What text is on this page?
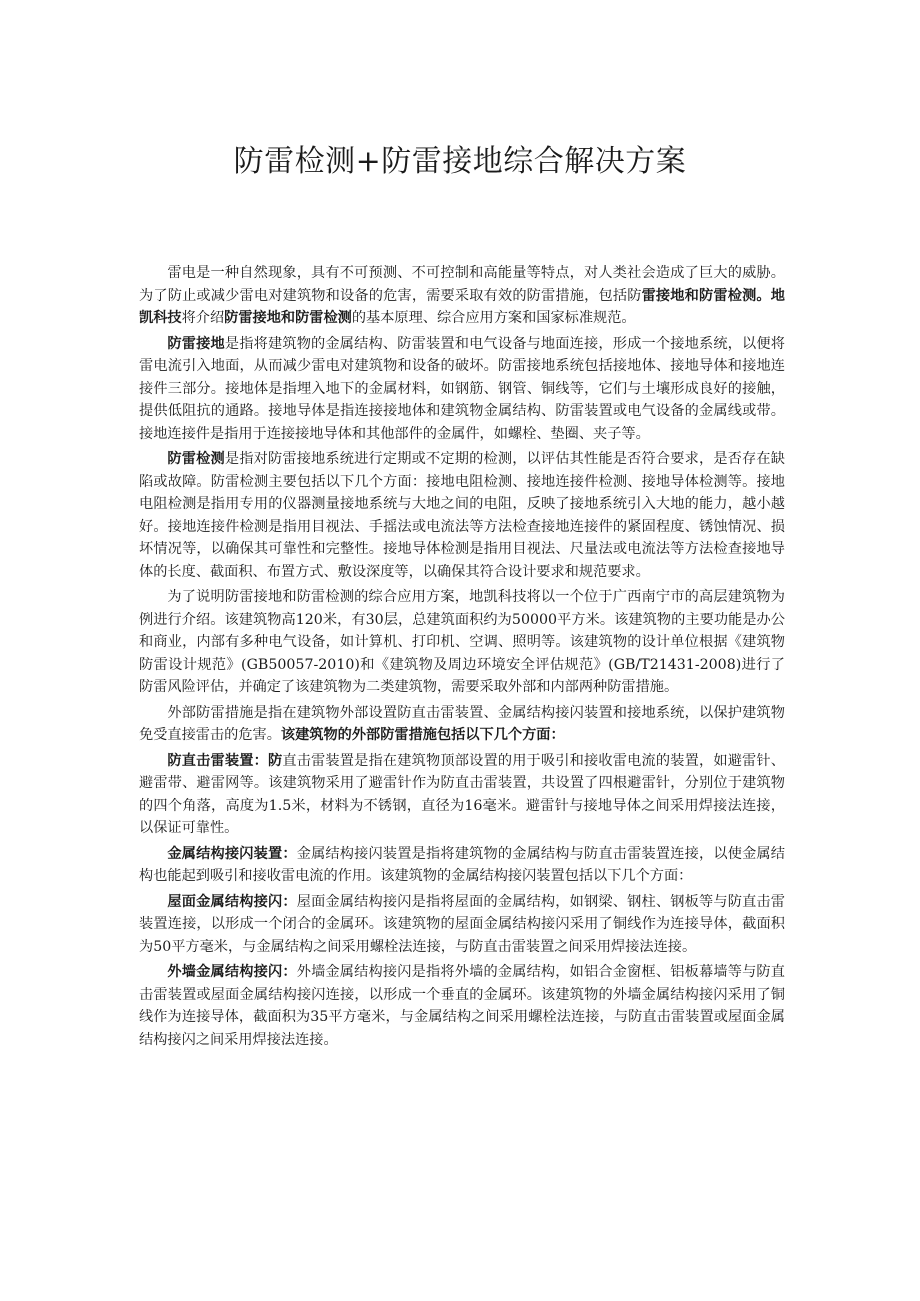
防雷检测+防雷接地综合解决方案

雷电是一种自然现象，具有不可预测、不可控制和高能量等特点，对人类社会造成了巨大的威胁。为了防止或减少雷电对建筑物和设备的危害，需要采取有效的防雷措施，包括防雷接地和防雷检测。地凯科技将介绍防雷接地和防雷检测的基本原理、综合应用方案和国家标准规范。

防雷接地是指将建筑物的金属结构、防雷装置和电气设备与地面连接，形成一个接地系统，以便将雷电流引入地面，从而减少雷电对建筑物和设备的破坏。防雷接地系统包括接地体、接地导体和接地连接件三部分。接地体是指埋入地下的金属材料，如钢筋、钢管、铜线等，它们与土壤形成良好的接触，提供低阻抗的通路。接地导体是指连接接地体和建筑物金属结构、防雷装置或电气设备的金属线或带。接地连接件是指用于连接接地导体和其他部件的金属件，如螺栓、垫圈、夹子等。

防雷检测是指对防雷接地系统进行定期或不定期的检测，以评估其性能是否符合要求，是否存在缺陷或故障。防雷检测主要包括以下几个方面：接地电阻检测、接地连接件检测、接地导体检测等。接地电阻检测是指用专用的仪器测量接地系统与大地之间的电阻，反映了接地系统引入大地的能力，越小越好。接地连接件检测是指用目视法、手摇法或电流法等方法检查接地连接件的紧固程度、锈蚀情况、损坏情况等，以确保其可靠性和完整性。接地导体检测是指用目视法、尺量法或电流法等方法检查接地导体的长度、截面积、布置方式、敷设深度等，以确保其符合设计要求和规范要求。

为了说明防雷接地和防雷检测的综合应用方案，地凯科技将以一个位于广西南宁市的高层建筑物为例进行介绍。该建筑物高120米，有30层，总建筑面积约为50000平方米。该建筑物的主要功能是办公和商业，内部有多种电气设备，如计算机、打印机、空调、照明等。该建筑物的设计单位根据《建筑物防雷设计规范》(GB50057-2010)和《建筑物及周边环境安全评估规范》(GB/T21431-2008)进行了防雷风险评估，并确定了该建筑物为二类建筑物，需要采取外部和内部两种防雷措施。

外部防雷措施是指在建筑物外部设置防直击雷装置、金属结构接闪装置和接地系统，以保护建筑物免受直接雷击的危害。该建筑物的外部防雷措施包括以下几个方面：

防直击雷装置：防直击雷装置是指在建筑物顶部设置的用于吸引和接收雷电流的装置，如避雷针、避雷带、避雷网等。该建筑物采用了避雷针作为防直击雷装置，共设置了四根避雷针，分别位于建筑物的四个角落，高度为1.5米，材料为不锈钢，直径为16毫米。避雷针与接地导体之间采用焊接法连接，以保证可靠性。

金属结构接闪装置：金属结构接闪装置是指将建筑物的金属结构与防直击雷装置连接，以使金属结构也能起到吸引和接收雷电流的作用。该建筑物的金属结构接闪装置包括以下几个方面：

屋面金属结构接闪：屋面金属结构接闪是指将屋面的金属结构，如钢梁、钢柱、钢板等与防直击雷装置连接，以形成一个闭合的金属环。该建筑物的屋面金属结构接闪采用了铜线作为连接导体，截面积为50平方毫米，与金属结构之间采用螺栓法连接，与防直击雷装置之间采用焊接法连接。

外墙金属结构接闪：外墙金属结构接闪是指将外墙的金属结构，如铝合金窗框、铝板幕墙等与防直击雷装置或屋面金属结构接闪连接，以形成一个垂直的金属环。该建筑物的外墙金属结构接闪采用了铜线作为连接导体，截面积为35平方毫米，与金属结构之间采用螺栓法连接，与防直击雷装置或屋面金属结构接闪之间采用焊接法连接。
